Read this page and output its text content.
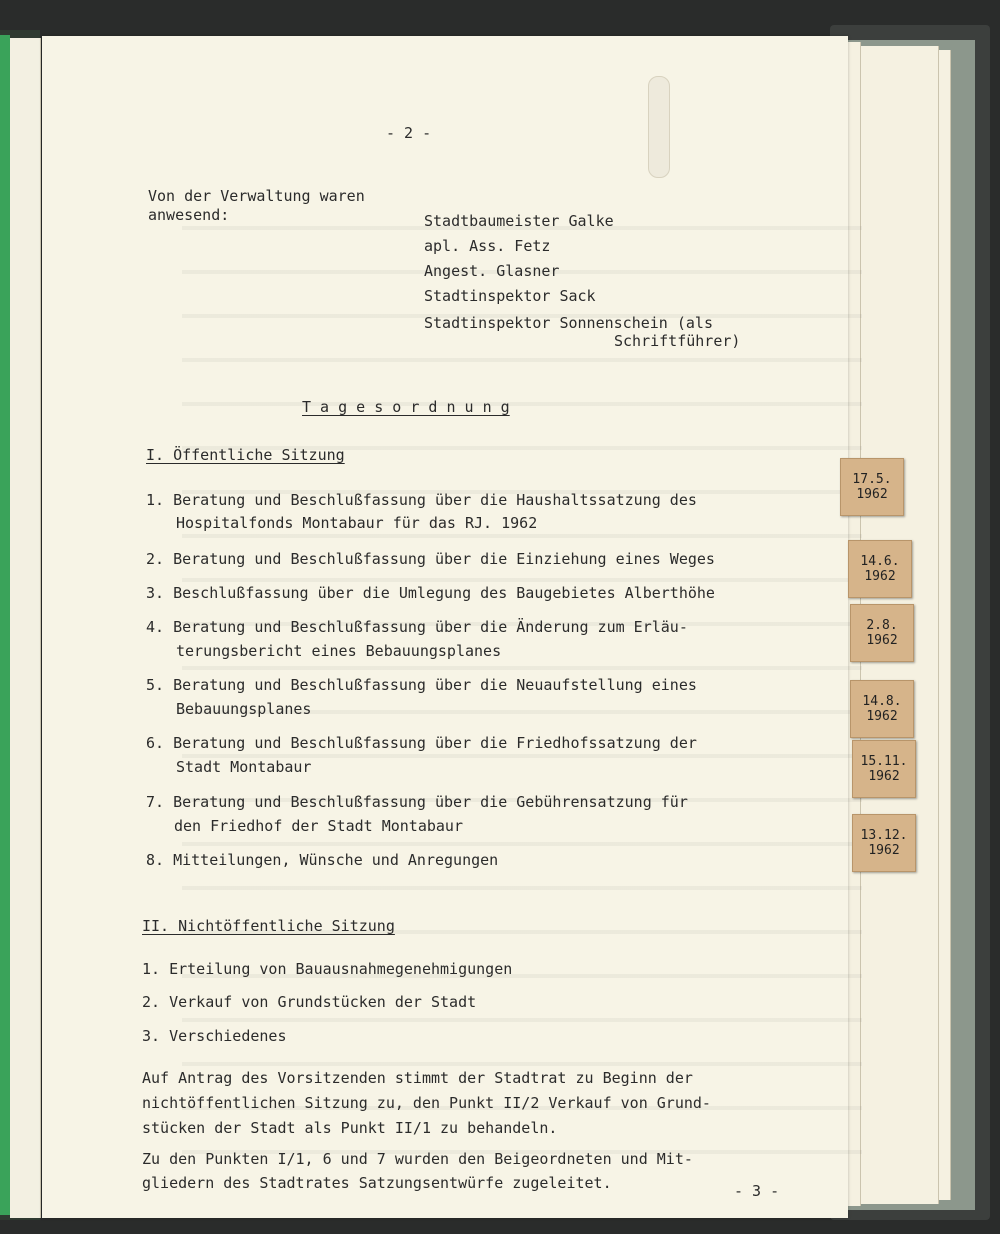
- 2 -
Von der Verwaltung waren
anwesend:	Stadtbaumeister Galke
apl. Ass. Fetz
Angest. Glasner
Stadtinspektor Sack
Stadtinspektor Sonnenschein (als
Schriftführer)
T a g e s o r d n u n g
I. Öffentliche Sitzung
1. Beratung und Beschlußfassung über die Haushaltssatzung des
Hospitalfonds Montabaur für das RJ. 1962
2. Beratung und Beschlußfassung über die Einziehung eines Weges
3. Beschlußfassung über die Umlegung des Baugebietes Alberthöhe
4. Beratung und Beschlußfassung über die Änderung zum Erläu-
terungsbericht eines Bebauungsplanes
5. Beratung und Beschlußfassung über die Neuaufstellung eines
Bebauungsplanes
6. Beratung und Beschlußfassung über die Friedhofssatzung der
Stadt Montabaur
7. Beratung und Beschlußfassung über die Gebührensatzung für
den Friedhof der Stadt Montabaur
8. Mitteilungen, Wünsche und Anregungen
II. Nichtöffentliche Sitzung
1. Erteilung von Bauausnahmegenehmigungen
2. Verkauf von Grundstücken der Stadt
3. Verschiedenes
Auf Antrag des Vorsitzenden stimmt der Stadtrat zu Beginn der
nichtöffentlichen Sitzung zu, den Punkt II/2 Verkauf von Grund-
stücken der Stadt als Punkt II/1 zu behandeln.
Zu den Punkten I/1, 6 und 7 wurden den Beigeordneten und Mit-
gliedern des Stadtrates Satzungsentwürfe zugeleitet.	- 3 -
17.5.
1962
14.6.
1962
2.8.
1962
14.8.
1962
15.11.
1962
13.12.
1962
